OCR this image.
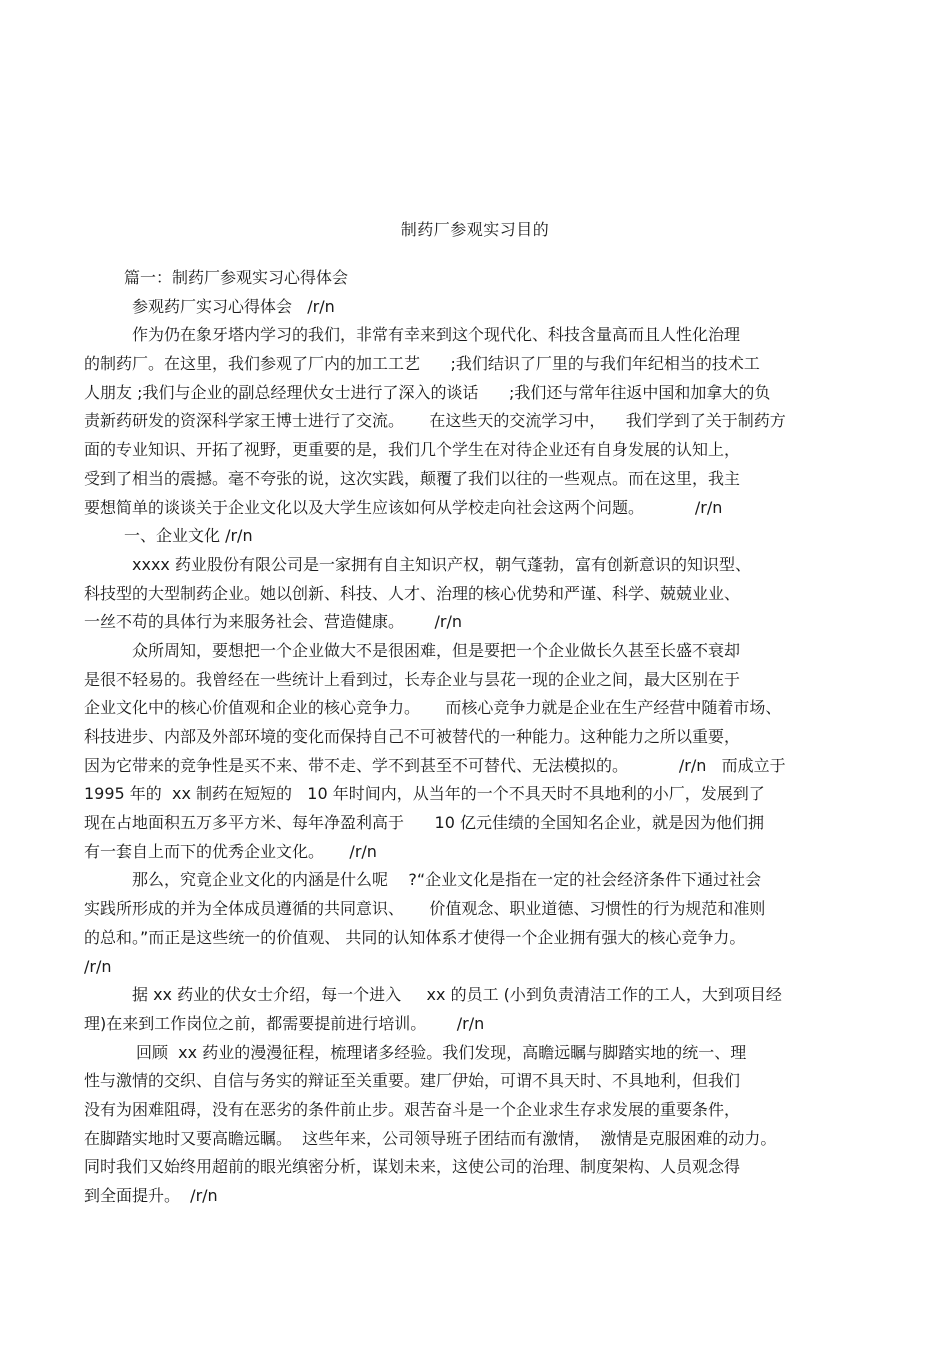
制药厂参观实习目的
篇一：制药厂参观实习心得体会
参观药厂实习心得体会   /r/n
作为仍在象牙塔内学习的我们，非常有幸来到这个现代化、科技含量高而且人性化治理
的制药厂。在这里，我们参观了厂内的加工工艺      ;我们结识了厂里的与我们年纪相当的技术工
人朋友 ;我们与企业的副总经理伏女士进行了深入的谈话      ;我们还与常年往返中国和加拿大的负
责新药研发的资深科学家王博士进行了交流。     在这些天的交流学习中，    我们学到了关于制药方
面的专业知识、开拓了视野，更重要的是，我们几个学生在对待企业还有自身发展的认知上，
受到了相当的震撼。毫不夸张的说，这次实践，颠覆了我们以往的一些观点。而在这里，我主
要想简单的谈谈关于企业文化以及大学生应该如何从学校走向社会这两个问题。          /r/n
一、企业文化 /r/n
xxxx 药业股份有限公司是一家拥有自主知识产权，朝气蓬勃，富有创新意识的知识型、
科技型的大型制药企业。她以创新、科技、人才、治理的核心优势和严谨、科学、兢兢业业、
一丝不苟的具体行为来服务社会、营造健康。      /r/n
众所周知，要想把一个企业做大不是很困难，但是要把一个企业做长久甚至长盛不衰却
是很不轻易的。我曾经在一些统计上看到过，长寿企业与昙花一现的企业之间，最大区别在于
企业文化中的核心价值观和企业的核心竞争力。     而核心竞争力就是企业在生产经营中随着市场、
科技进步、内部及外部环境的变化而保持自己不可被替代的一种能力。这种能力之所以重要，
因为它带来的竞争性是买不来、带不走、学不到甚至不可替代、无法模拟的。          /r/n   而成立于
1995 年的  xx 制药在短短的   10 年时间内，从当年的一个不具天时不具地利的小厂，发展到了
现在占地面积五万多平方米、每年净盈利高于      10 亿元佳绩的全国知名企业，就是因为他们拥
有一套自上而下的优秀企业文化。     /r/n
那么，究竟企业文化的内涵是什么呢    ?“企业文化是指在一定的社会经济条件下通过社会
实践所形成的并为全体成员遵循的共同意识、     价值观念、职业道德、习惯性的行为规范和准则
的总和。”而正是这些统一的价值观、 共同的认知体系才使得一个企业拥有强大的核心竞争力。
/r/n
据 xx 药业的伏女士介绍，每一个进入     xx 的员工 (小到负责清洁工作的工人，大到项目经
理)在来到工作岗位之前，都需要提前进行培训。      /r/n
回顾  xx 药业的漫漫征程，梳理诸多经验。我们发现，高瞻远瞩与脚踏实地的统一、理
性与激情的交织、自信与务实的辩证至关重要。建厂伊始，可谓不具天时、不具地利，但我们
没有为困难阻碍，没有在恶劣的条件前止步。艰苦奋斗是一个企业求生存求发展的重要条件，
在脚踏实地时又要高瞻远瞩。  这些年来，公司领导班子团结而有激情，  激情是克服困难的动力。
同时我们又始终用超前的眼光缜密分析，谋划未来，这使公司的治理、制度架构、人员观念得
到全面提升。  /r/n
